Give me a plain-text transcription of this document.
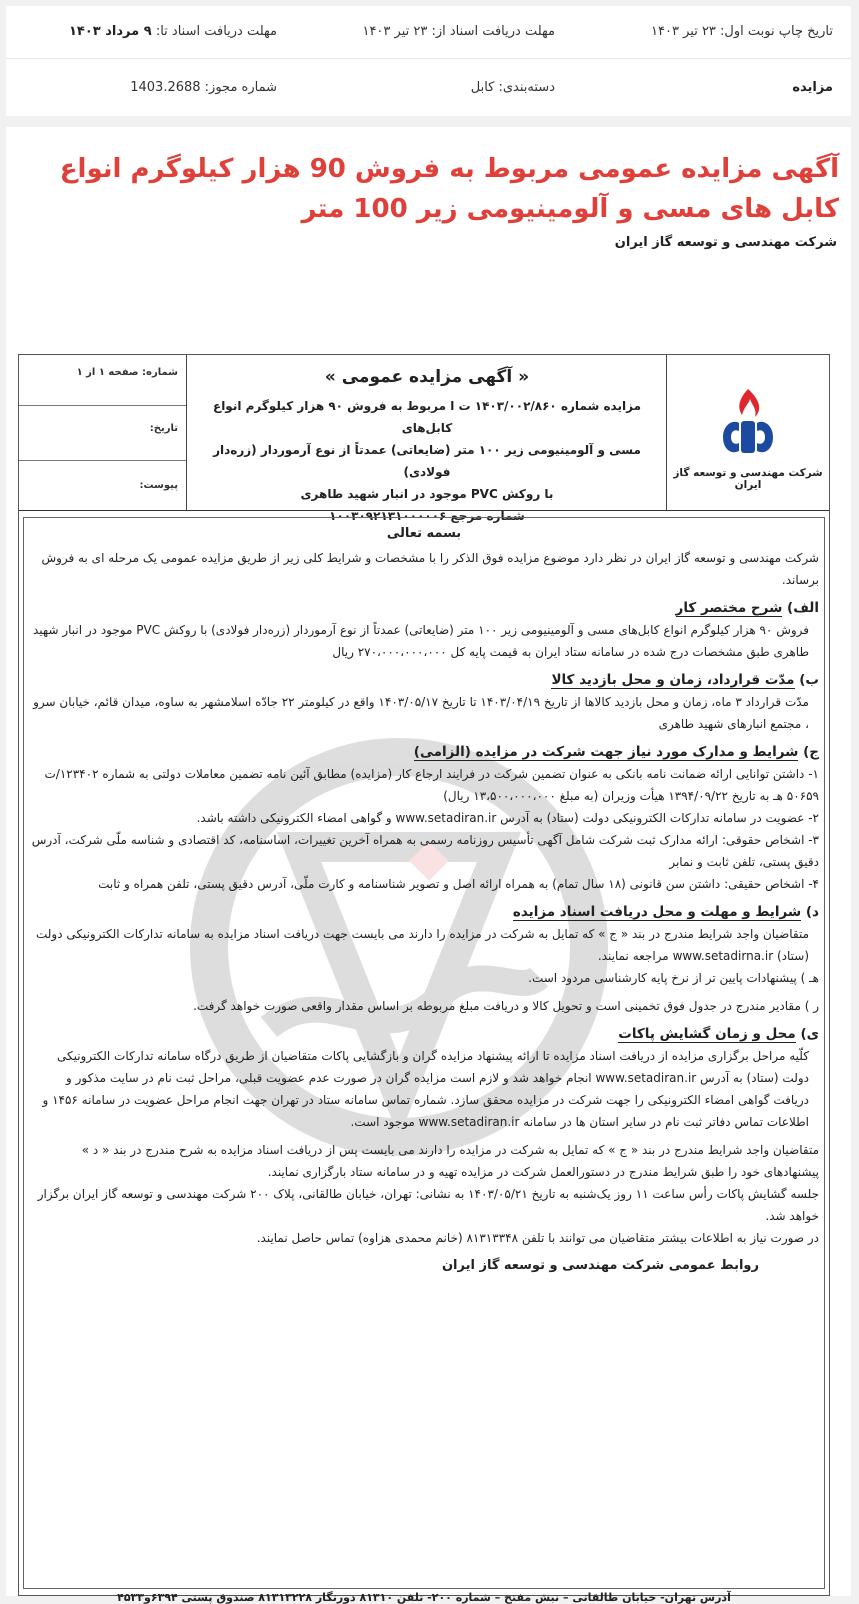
تاریخ چاپ نوبت اول: ۲۳ تیر ۱۴۰۳
مهلت دریافت اسناد از: ۲۳ تیر ۱۴۰۳
مهلت دریافت اسناد تا: ۹ مرداد ۱۴۰۳
مزایده
دسته‌بندی: کابل
شماره مجوز: 1403.2688
آگهی مزایده عمومی مربوط به فروش 90 هزار کیلوگرم انواع کابل های مسی و آلومینیومی زیر 100 متر
شرکت مهندسی و توسعه گاز ایران
شرکت مهندسی و توسعه گاز ایران
« آگهی مزایده عمومی »

مزایده شماره ۱۴۰۳/۰۰۲/۸۶۰ ت ا مربوط به فروش ۹۰ هزار کیلوگرم انواع کابل‌های

مسی و آلومینیومی زیر ۱۰۰ متر (ضایعاتی) عمدتاً از نوع آرموردار (زره‌دار فولادی)

با روکش PVC موجود در انبار شهید طاهری

شماره مرجع ۱۰۰۳۰۹۲۱۳۱۰۰۰۰۰۶

شماره: صفحه ۱ از ۱
تاریخ:
پیوست:

بسمه تعالی

شرکت مهندسی و توسعه گاز ایران در نظر دارد موضوع مزایده فوق الذکر را با مشخصات و شرایط کلی زیر از طریق مزایده عمومی یک مرحله ای به فروش برساند.

الف) شرح مختصر کار

فروش ۹۰ هزار کیلوگرم انواع کابل‌های مسی و آلومینیومی زیر ۱۰۰ متر (ضایعاتی) عمدتاً از نوع آرموردار (زره‌دار فولادی) با روکش PVC موجود در انبار شهید طاهری طبق مشخصات درج شده در سامانه ستاد ایران به قیمت پایه کل ۲۷۰،۰۰۰،۰۰۰،۰۰۰ ریال

ب) مدّت قرارداد، زمان و محل بازدید کالا

مدّت قرارداد ۳ ماه، زمان و محل بازدید کالاها از تاریخ ۱۴۰۳/۰۴/۱۹ تا تاریخ ۱۴۰۳/۰۵/۱۷ واقع در کیلومتر ۲۲ جادّه اسلامشهر به ساوه، میدان قائم، خیابان سرو ، مجتمع انبارهای شهید طاهری

ج) شرایط و مدارک مورد نیاز جهت شرکت در مزایده (الزامی)

۱- داشتن توانایی ارائه ضمانت نامه بانکی به عنوان تضمین شرکت در فرایند ارجاع کار (مزایده) مطابق آئین نامه تضمین معاملات دولتی به شماره ۱۲۳۴۰۲/ت ۵۰۶۵۹ هـ به تاریخ ۱۳۹۴/۰۹/۲۲ هیأت وزیران (به مبلغ ۱۳،۵۰۰،۰۰۰،۰۰۰ ریال)

۲- عضویت در سامانه تدارکات الکترونیکی دولت (ستاد) به آدرس www.setadiran.ir و گواهی امضاء الکترونیکی داشته باشد.

۳- اشخاص حقوقی: ارائه مدارک ثبت شرکت شامل آگهی تأسیس روزنامه رسمی به همراه آخرین تغییرات، اساسنامه، کد اقتصادی و شناسه ملّی شرکت، آدرس دقیق پستی، تلفن ثابت و نمابر

۴- اشخاص حقیقی: داشتن سن قانونی (۱۸ سال تمام) به همراه ارائه اصل و تصویر شناسنامه و کارت ملّی، آدرس دقیق پستی، تلفن همراه و ثابت

د) شرایط و مهلت و محل دریافت اسناد مزایده

متقاضیان واجد شرایط مندرج در بند « ج » که تمایل به شرکت در مزایده را دارند می بایست جهت دریافت اسناد مزایده به سامانه تدارکات الکترونیکی دولت (ستاد) www.setadirna.ir مراجعه نمایند.

هـ ) پیشنهادات پایین تر از نرخ پایه کارشناسی مردود است.

ر ) مقادیر مندرج در جدول فوق تخمینی است و تحویل کالا و دریافت مبلغ مربوطه بر اساس مقدار واقعی صورت خواهد گرفت.

ی) محل و زمان گشایش پاکات

کلّیه مراحل برگزاری مزایده از دریافت اسناد مزایده تا ارائه پیشنهاد مزایده گران و بازگشایی پاکات متقاضیان از طریق درگاه سامانه تدارکات الکترونیکی دولت (ستاد) به آدرس www.setadiran.ir انجام خواهد شد و لازم است مزایده گران در صورت عدم عضویت قبلی، مراحل ثبت نام در سایت مذکور و دریافت گواهی امضاء الکترونیکی را جهت شرکت در مزایده محقق سازد. شماره تماس سامانه ستاد در تهران جهت انجام مراحل عضویت در سامانه ۱۴۵۶ و اطلاعات تماس دفاتر ثبت نام در سایر استان ها در سامانه www.setadiran.ir موجود است.

متقاضیان واجد شرایط مندرج در بند « ج » که تمایل به شرکت در مزایده را دارند می بایست پس از دریافت اسناد مزایده به شرح مندرج در بند « د » پیشنهادهای خود را طبق شرایط مندرج در دستورالعمل شرکت در مزایده تهیه و در سامانه ستاد بارگزاری نمایند.

جلسه گشایش پاکات رأس ساعت ۱۱ روز یک‌شنبه به تاریخ ۱۴۰۳/۰۵/۲۱ به نشانی: تهران، خیابان طالقانی، پلاک ۲۰۰ شرکت مهندسی و توسعه گاز ایران برگزار خواهد شد.

در صورت نیاز به اطلاعات بیشتر متقاضیان می توانند با تلفن ۸۱۳۱۳۳۴۸ (خانم محمدی هزاوه) تماس حاصل نمایند.

روابط عمومی شرکت مهندسی و توسعه گاز ایران

آدرس تهران- خیابان طالقانی – نبش مفتح – شماره ۲۰۰- تلفن ۸۱۳۱۰ دورنگار ۸۱۳۱۳۲۲۸ صندوق پستی ۶۳۹۴و۴۵۳۳
